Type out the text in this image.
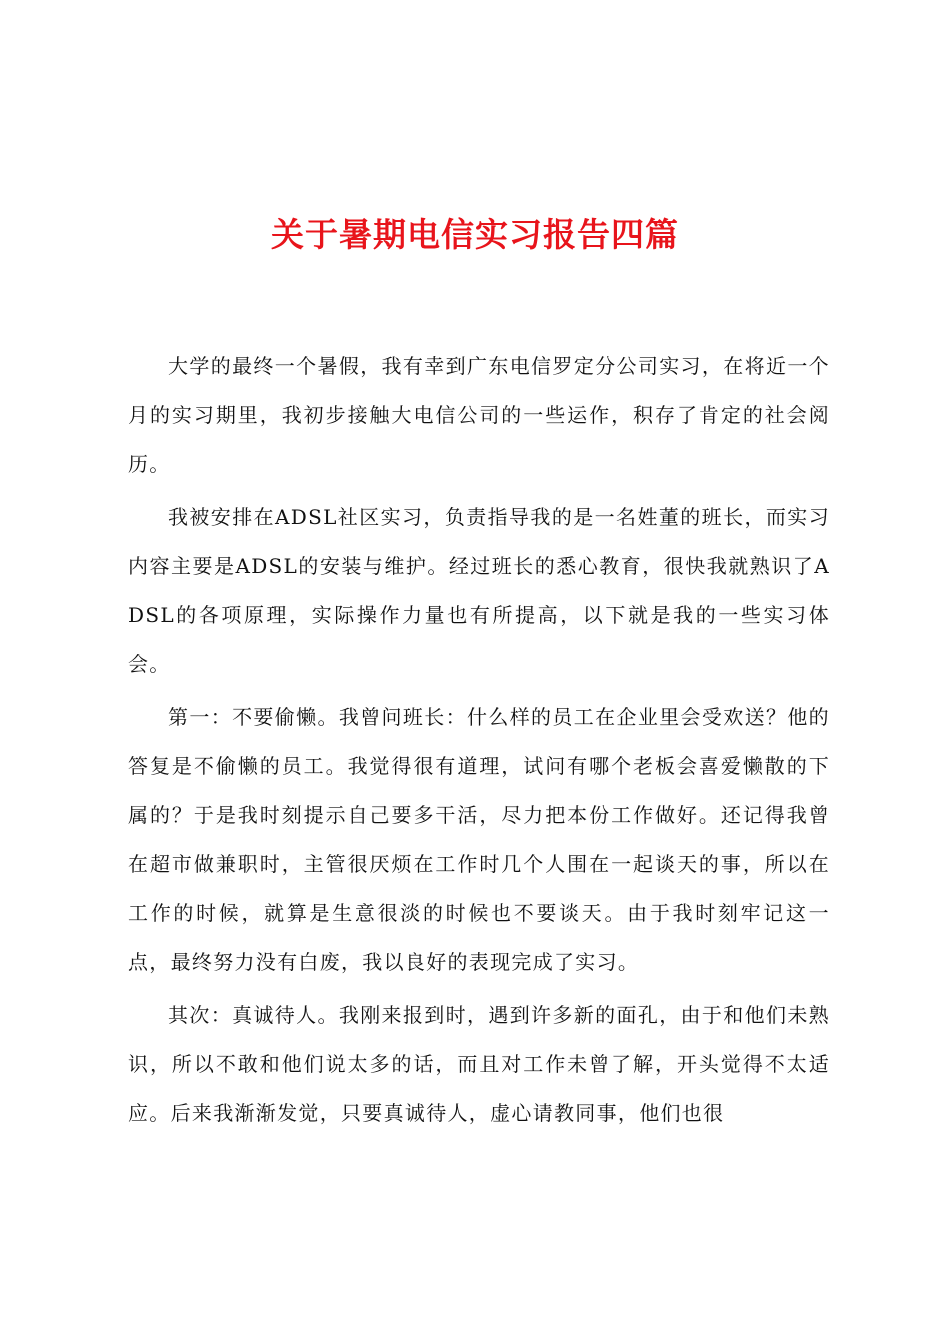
关于暑期电信实习报告四篇

大学的最终一个暑假，我有幸到广东电信罗定分公司实习，在将近一个月的实习期里，我初步接触大电信公司的一些运作，积存了肯定的社会阅历。

我被安排在ADSL社区实习，负责指导我的是一名姓董的班长，而实习内容主要是ADSL的安装与维护。经过班长的悉心教育，很快我就熟识了ADSL的各项原理，实际操作力量也有所提高，以下就是我的一些实习体会。

第一：不要偷懒。我曾问班长：什么样的员工在企业里会受欢送？他的答复是不偷懒的员工。我觉得很有道理，试问有哪个老板会喜爱懒散的下属的？于是我时刻提示自己要多干活，尽力把本份工作做好。还记得我曾在超市做兼职时，主管很厌烦在工作时几个人围在一起谈天的事，所以在工作的时候，就算是生意很淡的时候也不要谈天。由于我时刻牢记这一点，最终努力没有白废，我以良好的表现完成了实习。

其次：真诚待人。我刚来报到时，遇到许多新的面孔，由于和他们未熟识，所以不敢和他们说太多的话，而且对工作未曾了解，开头觉得不太适应。后来我渐渐发觉，只要真诚待人，虚心请教同事，他们也很
